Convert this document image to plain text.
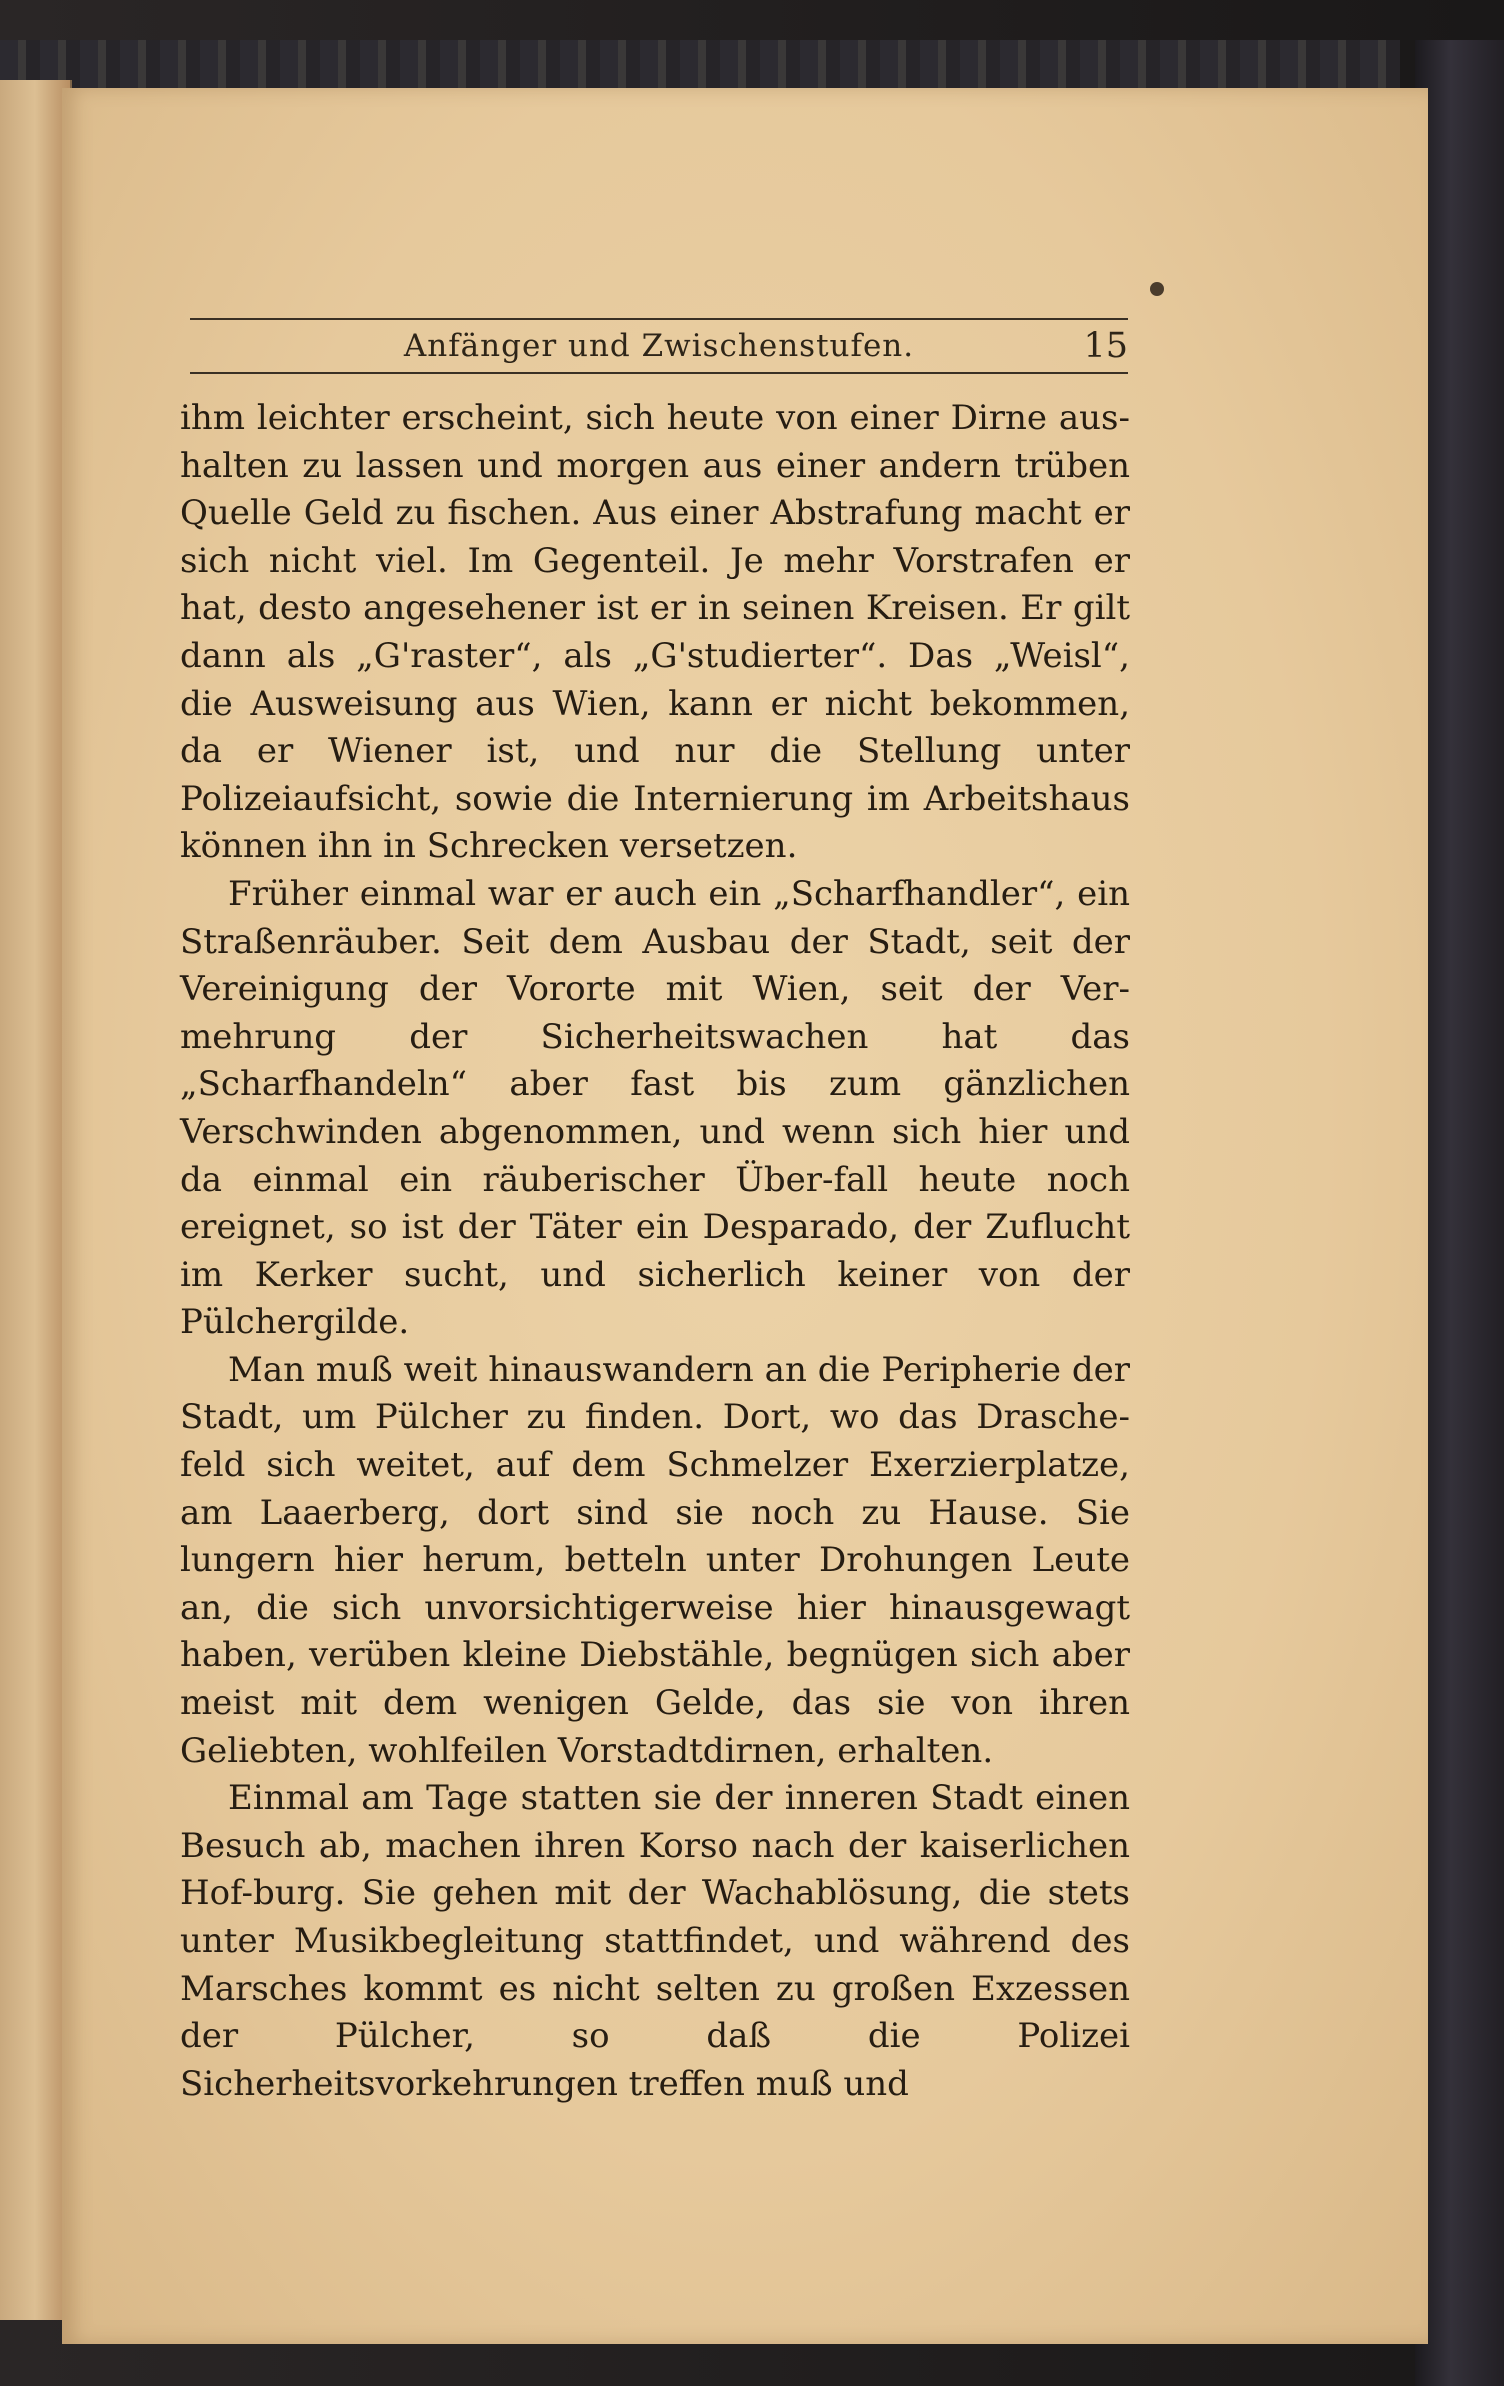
Anfänger und Zwischenstufen.	15

ihm leichter erscheint, sich heute von einer Dirne aus-halten zu lassen und morgen aus einer andern trüben Quelle Geld zu fischen. Aus einer Abstrafung macht er sich nicht viel. Im Gegenteil. Je mehr Vorstrafen er hat, desto angesehener ist er in seinen Kreisen. Er gilt dann als „G'raster“, als „G'studierter“. Das „Weisl“, die Ausweisung aus Wien, kann er nicht bekommen, da er Wiener ist, und nur die Stellung unter Polizeiaufsicht, sowie die Internierung im Arbeitshaus können ihn in Schrecken versetzen.

Früher einmal war er auch ein „Scharfhandler“, ein Straßenräuber. Seit dem Ausbau der Stadt, seit der Vereinigung der Vororte mit Wien, seit der Ver-mehrung der Sicherheitswachen hat das „Scharfhandeln“ aber fast bis zum gänzlichen Verschwinden abgenommen, und wenn sich hier und da einmal ein räuberischer Über-fall heute noch ereignet, so ist der Täter ein Desparado, der Zuflucht im Kerker sucht, und sicherlich keiner von der Pülchergilde.

Man muß weit hinauswandern an die Peripherie der Stadt, um Pülcher zu finden. Dort, wo das Drasche-feld sich weitet, auf dem Schmelzer Exerzierplatze, am Laaerberg, dort sind sie noch zu Hause. Sie lungern hier herum, betteln unter Drohungen Leute an, die sich unvorsichtigerweise hier hinausgewagt haben, verüben kleine Diebstähle, begnügen sich aber meist mit dem wenigen Gelde, das sie von ihren Geliebten, wohlfeilen Vorstadtdirnen, erhalten.

Einmal am Tage statten sie der inneren Stadt einen Besuch ab, machen ihren Korso nach der kaiserlichen Hof-burg. Sie gehen mit der Wachablösung, die stets unter Musikbegleitung stattfindet, und während des Marsches kommt es nicht selten zu großen Exzessen der Pülcher, so daß die Polizei Sicherheitsvorkehrungen treffen muß und
